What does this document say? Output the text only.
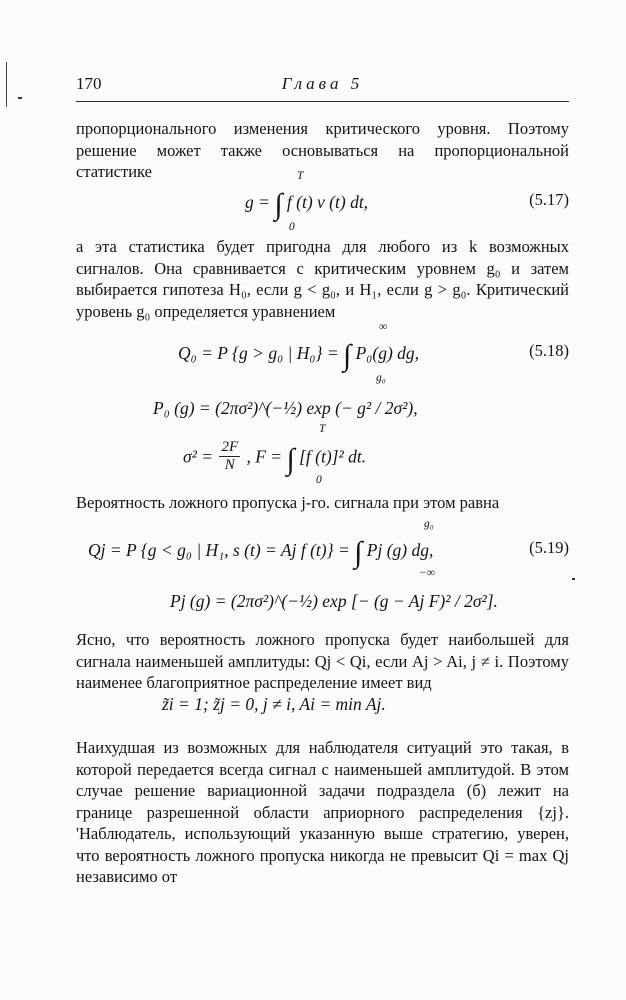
170	Глава 5
пропорционального изменения критического уровня. Поэтому решение может также основываться на пропорциональной статистике
g = ∫ f (t) v (t) dt,
T
0
(5.17)
а эта статистика будет пригодна для любого из k возможных сигналов. Она сравнивается с критическим уровнем g₀ и затем выбирается гипотеза H₀, если g < g₀, и H₁, если g > g₀. Критический уровень g₀ определяется уравнением
Q₀ = P {g > g₀ | H₀} = ∫ P₀(g) dg,
∞
g₀
(5.18)
P₀ (g) = (2πσ²)^(−½) exp (− g² / 2σ²),
$\sigma^2 = \frac{2F}{N}$ , F = ∫ [f (t)]² dt.
T
0
Вероятность ложного пропуска j-го. сигнала при этом равна
Qj = P {g < g₀ | H₁, s (t) = Aj f (t)} = ∫ Pj (g) dg,
g₀
−∞
(5.19)
Pj (g) = (2πσ²)^(−½) exp [− (g − Aj F)² / 2σ²].
Ясно, что вероятность ложного пропуска будет наибольшей для сигнала наименьшей амплитуды: Qj < Qi, если Aj > Ai, j ≠ i. Поэтому наименее благоприятное распределение имеет вид
z̃i = 1; z̃j = 0, j ≠ i, Ai = min Aj.
Наихудшая из возможных для наблюдателя ситуаций это такая, в которой передается всегда сигнал с наименьшей амплитудой. В этом случае решение вариационной задачи подраздела (б) лежит на границе разрешенной области априорного распределения {zj}. 'Наблюдатель, использующий указанную выше стратегию, уверен, что вероятность ложного пропуска никогда не превысит Qi = max Qj независимо от
